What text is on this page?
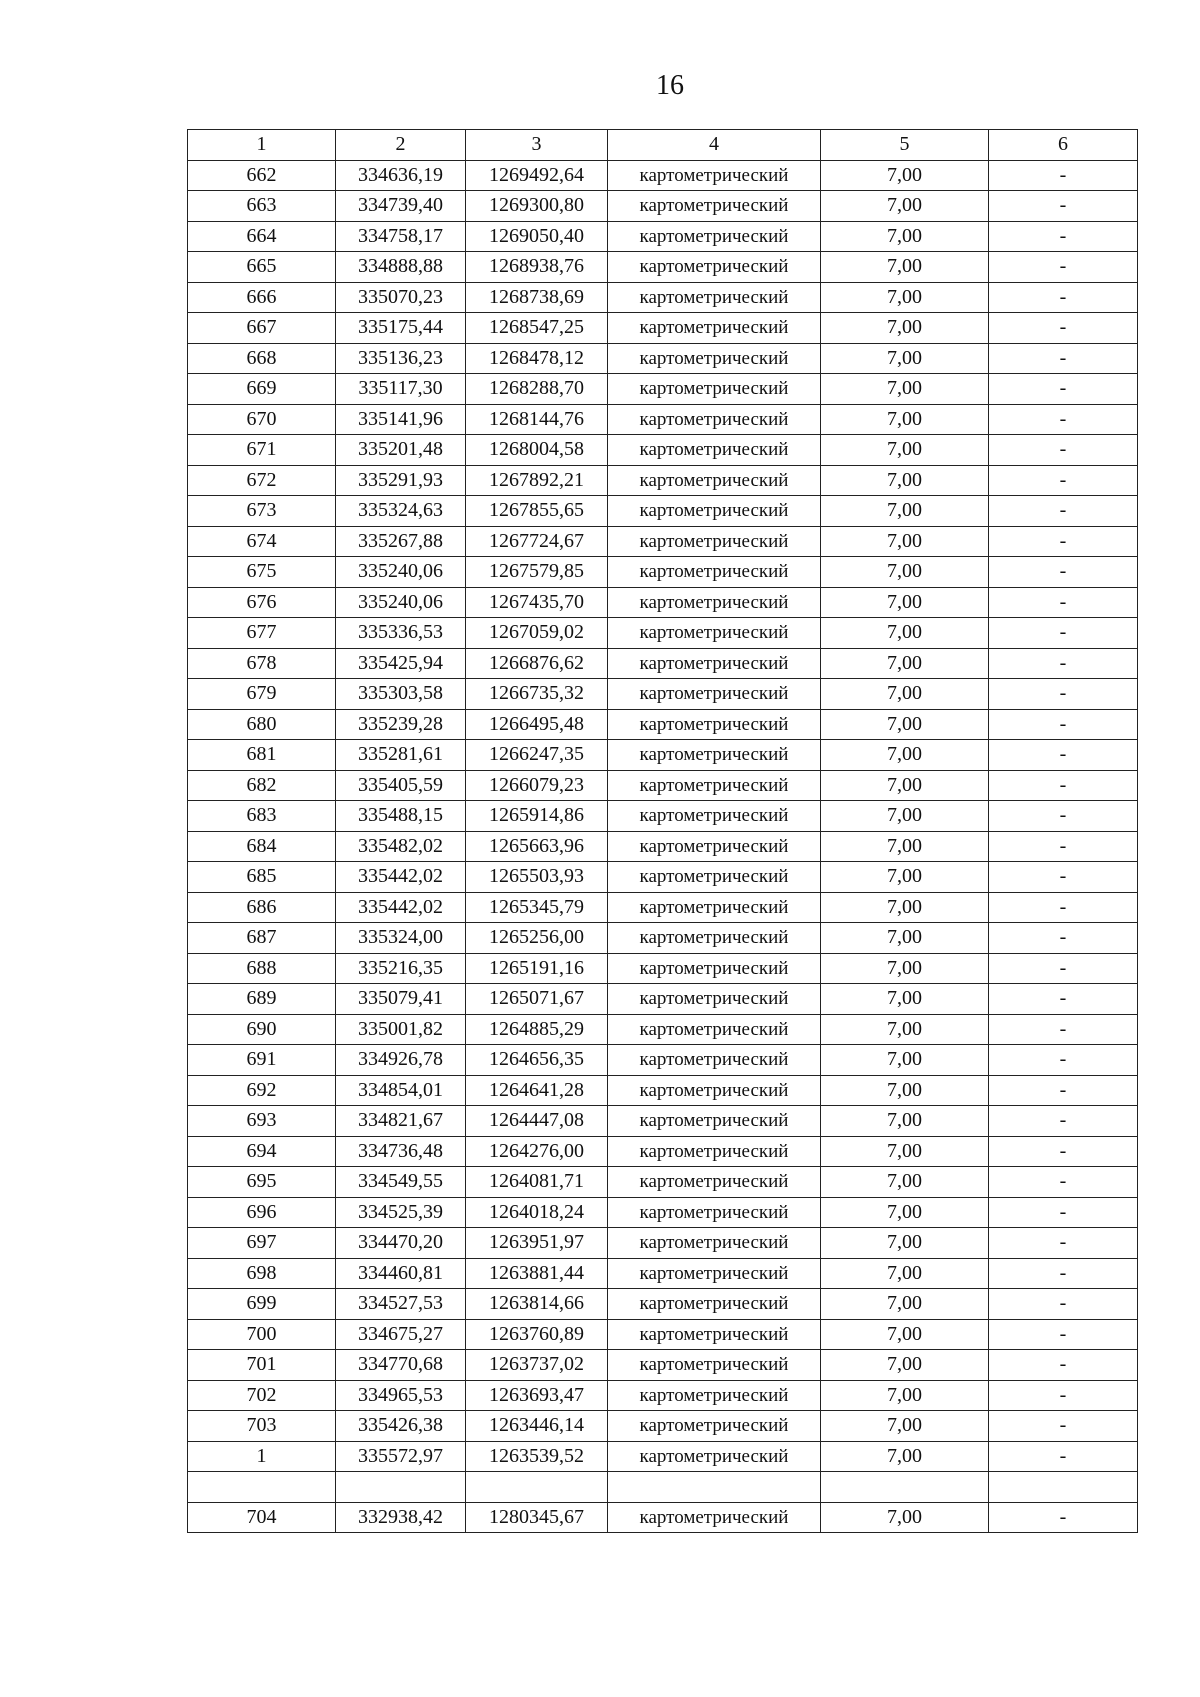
16
1	2	3	4	5	6
662	334636,19	1269492,64	картометрический	7,00	-
663	334739,40	1269300,80	картометрический	7,00	-
664	334758,17	1269050,40	картометрический	7,00	-
665	334888,88	1268938,76	картометрический	7,00	-
666	335070,23	1268738,69	картометрический	7,00	-
667	335175,44	1268547,25	картометрический	7,00	-
668	335136,23	1268478,12	картометрический	7,00	-
669	335117,30	1268288,70	картометрический	7,00	-
670	335141,96	1268144,76	картометрический	7,00	-
671	335201,48	1268004,58	картометрический	7,00	-
672	335291,93	1267892,21	картометрический	7,00	-
673	335324,63	1267855,65	картометрический	7,00	-
674	335267,88	1267724,67	картометрический	7,00	-
675	335240,06	1267579,85	картометрический	7,00	-
676	335240,06	1267435,70	картометрический	7,00	-
677	335336,53	1267059,02	картометрический	7,00	-
678	335425,94	1266876,62	картометрический	7,00	-
679	335303,58	1266735,32	картометрический	7,00	-
680	335239,28	1266495,48	картометрический	7,00	-
681	335281,61	1266247,35	картометрический	7,00	-
682	335405,59	1266079,23	картометрический	7,00	-
683	335488,15	1265914,86	картометрический	7,00	-
684	335482,02	1265663,96	картометрический	7,00	-
685	335442,02	1265503,93	картометрический	7,00	-
686	335442,02	1265345,79	картометрический	7,00	-
687	335324,00	1265256,00	картометрический	7,00	-
688	335216,35	1265191,16	картометрический	7,00	-
689	335079,41	1265071,67	картометрический	7,00	-
690	335001,82	1264885,29	картометрический	7,00	-
691	334926,78	1264656,35	картометрический	7,00	-
692	334854,01	1264641,28	картометрический	7,00	-
693	334821,67	1264447,08	картометрический	7,00	-
694	334736,48	1264276,00	картометрический	7,00	-
695	334549,55	1264081,71	картометрический	7,00	-
696	334525,39	1264018,24	картометрический	7,00	-
697	334470,20	1263951,97	картометрический	7,00	-
698	334460,81	1263881,44	картометрический	7,00	-
699	334527,53	1263814,66	картометрический	7,00	-
700	334675,27	1263760,89	картометрический	7,00	-
701	334770,68	1263737,02	картометрический	7,00	-
702	334965,53	1263693,47	картометрический	7,00	-
703	335426,38	1263446,14	картометрический	7,00	-
1	335572,97	1263539,52	картометрический	7,00	-

704	332938,42	1280345,67	картометрический	7,00	-
